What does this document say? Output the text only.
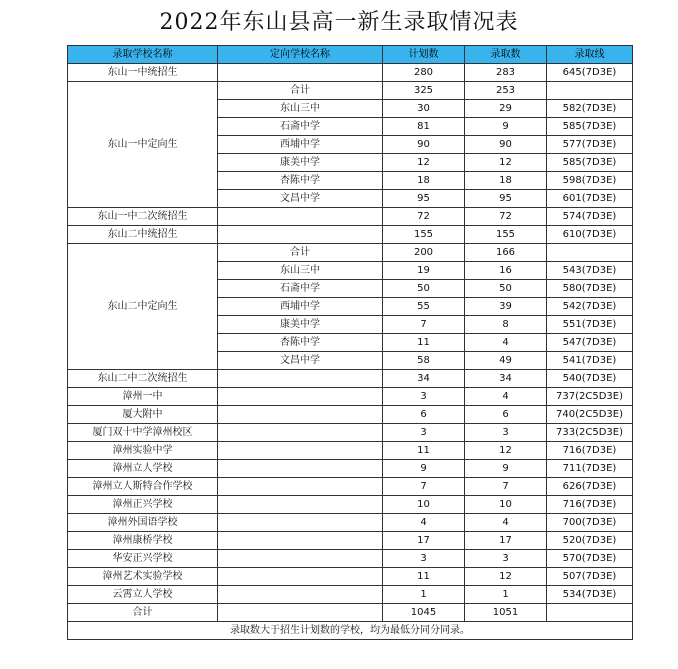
2022年东山县高一新生录取情况表
录取学校名称	定向学校名称	计划数	录取数	录取线
东山一中统招生		280	283	645(7D3E)
东山一中定向生	合计	325	253	
	东山三中	30	29	582(7D3E)
	石斋中学	81	9	585(7D3E)
	西埔中学	90	90	577(7D3E)
	康美中学	12	12	585(7D3E)
	杏陈中学	18	18	598(7D3E)
	文昌中学	95	95	601(7D3E)
东山一中二次统招生		72	72	574(7D3E)
东山二中统招生		155	155	610(7D3E)
东山二中定向生	合计	200	166	
	东山三中	19	16	543(7D3E)
	石斋中学	50	50	580(7D3E)
	西埔中学	55	39	542(7D3E)
	康美中学	7	8	551(7D3E)
	杏陈中学	11	4	547(7D3E)
	文昌中学	58	49	541(7D3E)
东山二中二次统招生		34	34	540(7D3E)
漳州一中		3	4	737(2C5D3E)
厦大附中		6	6	740(2C5D3E)
厦门双十中学漳州校区		3	3	733(2C5D3E)
漳州实验中学		11	12	716(7D3E)
漳州立人学校		9	9	711(7D3E)
漳州立人斯特合作学校		7	7	626(7D3E)
漳州正兴学校		10	10	716(7D3E)
漳州外国语学校		4	4	700(7D3E)
漳州康桥学校		17	17	520(7D3E)
华安正兴学校		3	3	570(7D3E)
漳州艺术实验学校		11	12	507(7D3E)
云霄立人学校		1	1	534(7D3E)
合计		1045	1051	
录取数大于招生计划数的学校，均为最低分同分同录。				
